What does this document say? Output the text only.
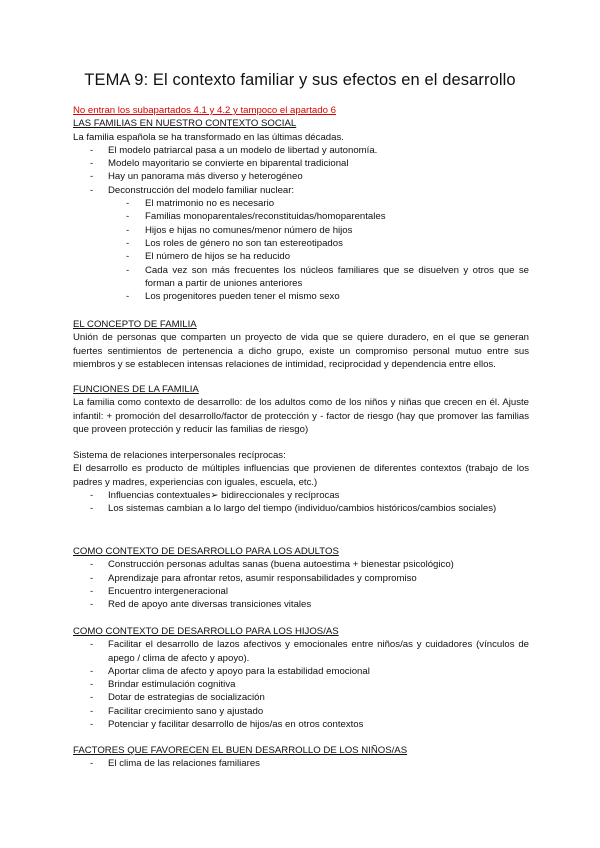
TEMA 9: El contexto familiar y sus efectos en el desarrollo
No entran los subapartados 4.1 y 4.2 y tampoco el apartado 6
LAS FAMILIAS EN NUESTRO CONTEXTO SOCIAL
La familia española se ha transformado en las últimas décadas.
- El modelo patriarcal pasa a un modelo de libertad y autonomía.
- Modelo mayoritario se convierte en biparental tradicional
- Hay un panorama más diverso y heterogéneo
- Deconstrucción del modelo familiar nuclear:
- El matrimonio no es necesario
- Familias monoparentales/reconstituidas/homoparentales
- Hijos e hijas no comunes/menor número de hijos
- Los roles de género no son tan estereotipados
- El número de hijos se ha reducido
- Cada vez son más frecuentes los núcleos familiares que se disuelven y otros que se forman a partir de uniones anteriores
- Los progenitores pueden tener el mismo sexo
EL CONCEPTO DE FAMILIA
Unión de personas que comparten un proyecto de vida que se quiere duradero, en el que se generan fuertes sentimientos de pertenencia a dicho grupo, existe un compromiso personal mutuo entre sus miembros y se establecen intensas relaciones de intimidad, reciprocidad y dependencia entre ellos.
FUNCIONES DE LA FAMILIA
La familia como contexto de desarrollo: de los adultos como de los niños y niñas que crecen en él. Ajuste infantil: + promoción del desarrollo/factor de protección y - factor de riesgo (hay que promover las familias que proveen protección y reducir las familias de riesgo)
Sistema de relaciones interpersonales recíprocas:
El desarrollo es producto de múltiples influencias que provienen de diferentes contextos (trabajo de los padres y madres, experiencias con iguales, escuela, etc.)
- Influencias contextuales➢ bidireccionales y recíprocas
- Los sistemas cambian a lo largo del tiempo (individuo/cambios históricos/cambios sociales)
COMO CONTEXTO DE DESARROLLO PARA LOS ADULTOS
- Construcción personas adultas sanas (buena autoestima + bienestar psicológico)
- Aprendizaje para afrontar retos, asumir responsabilidades y compromiso
- Encuentro intergeneracional
- Red de apoyo ante diversas transiciones vitales
COMO CONTEXTO DE DESARROLLO PARA LOS HIJOS/AS
- Facilitar el desarrollo de lazos afectivos y emocionales entre niños/as y cuidadores (vínculos de apego / clima de afecto y apoyo).
- Aportar clima de afecto y apoyo para la estabilidad emocional
- Brindar estimulación cognitiva
- Dotar de estrategias de socialización
- Facilitar crecimiento sano y ajustado
- Potenciar y facilitar desarrollo de hijos/as en otros contextos
FACTORES QUE FAVORECEN EL BUEN DESARROLLO DE LOS NIÑOS/AS
- El clima de las relaciones familiares
